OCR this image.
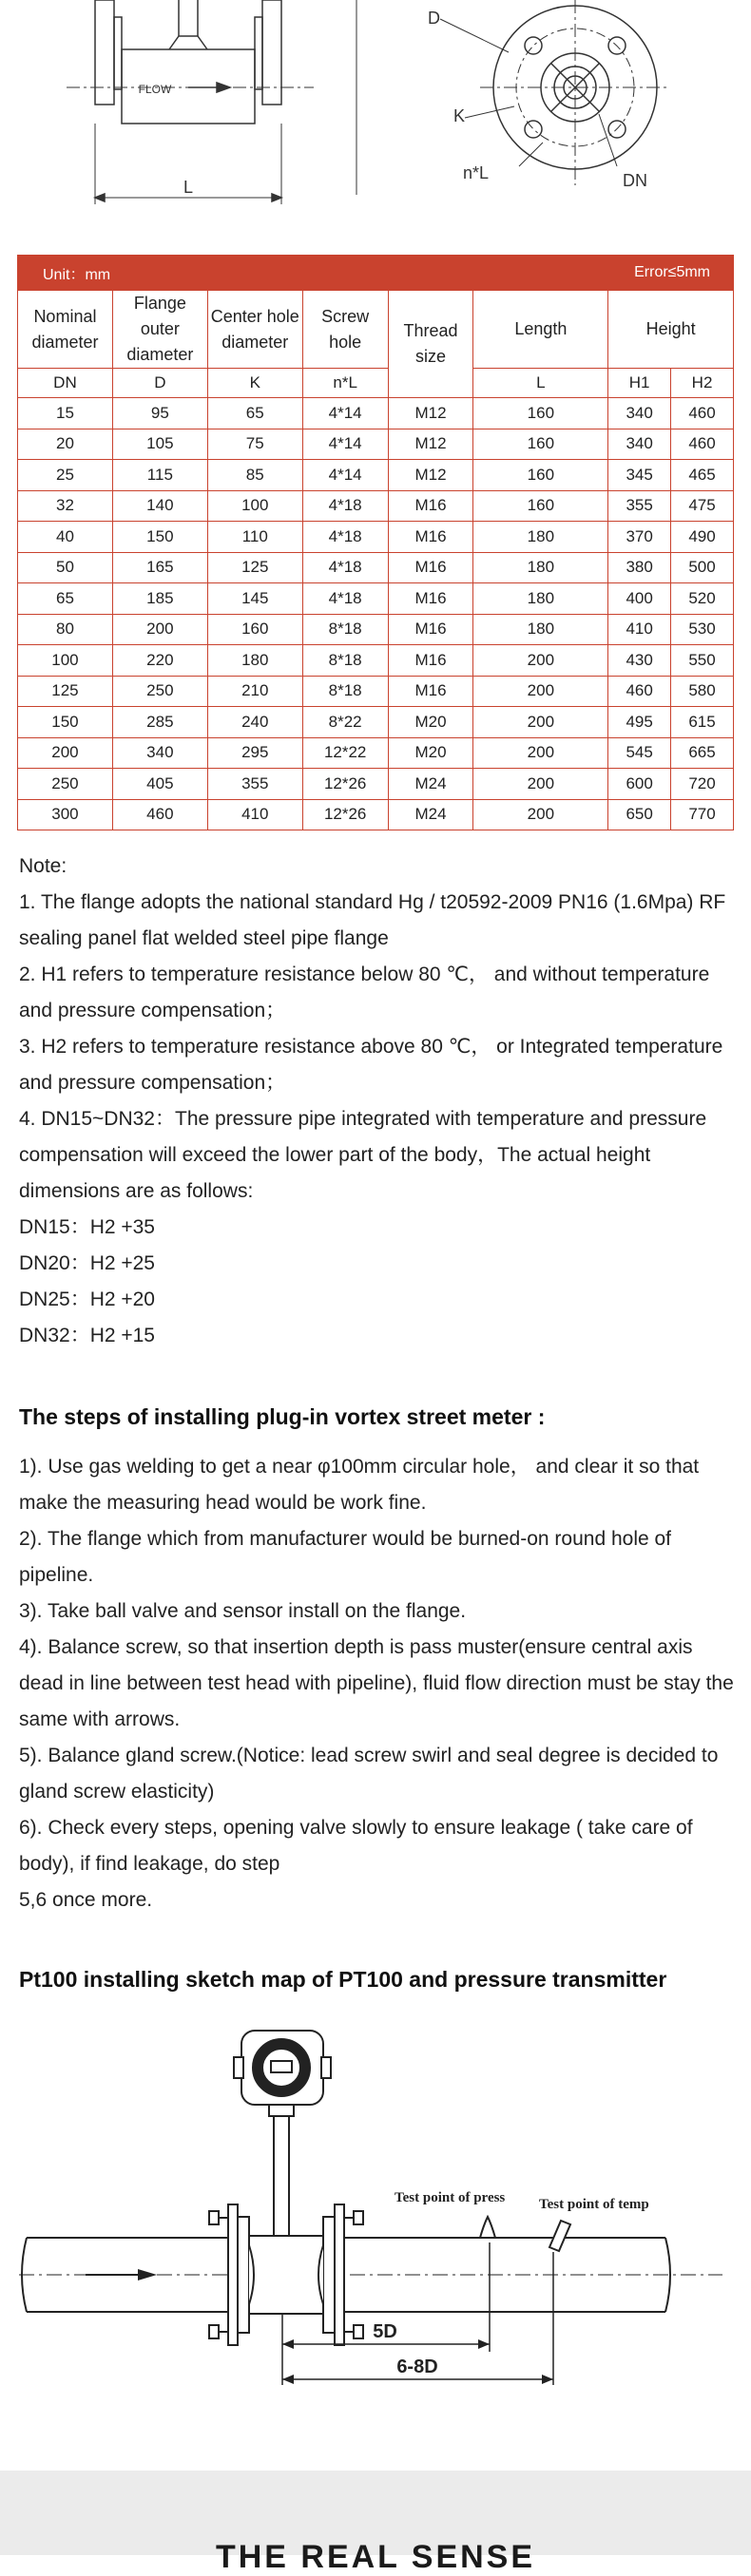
FLOW
L
D
K
n*L	DN
Unit：mm				Error≤5mm			
Nominal diameter	Flange outer diameter	Center hole diameter	Screw hole	Thread size	Length	Height	
DN	D	K	n*L		L	H1	H2
15	95	65	4*14	M12	160	340	460
20	105	75	4*14	M12	160	340	460
25	115	85	4*14	M12	160	345	465
32	140	100	4*18	M16	160	355	475
40	150	110	4*18	M16	180	370	490
50	165	125	4*18	M16	180	380	500
65	185	145	4*18	M16	180	400	520
80	200	160	8*18	M16	180	410	530
100	220	180	8*18	M16	200	430	550
125	250	210	8*18	M16	200	460	580
150	285	240	8*22	M20	200	495	615
200	340	295	12*22	M20	200	545	665
250	405	355	12*26	M24	200	600	720
300	460	410	12*26	M24	200	650	770

Note:

1. The flange adopts the national standard Hg / t20592-2009 PN16 (1.6Mpa) RF sealing panel flat welded steel pipe flange

2. H1 refers to temperature resistance below 80 ℃， and without temperature and pressure compensation；

3. H2 refers to temperature resistance above 80 ℃， or Integrated temperature and pressure compensation；

4. DN15~DN32：The pressure pipe integrated with temperature and pressure compensation will exceed the lower part of the body，The actual height dimensions are as follows:

DN15：H2 +35

DN20：H2 +25

DN25：H2 +20

DN32：H2 +15

The steps of installing plug-in vortex street meter :

1). Use gas welding to get a near φ100mm circular hole， and clear it so that make the measuring head would be work fine.

2). The flange which from manufacturer would be burned-on round hole of pipeline.

3). Take ball valve and sensor install on the flange.

4). Balance screw, so that insertion depth is pass muster(ensure central axis dead in line between test head with pipeline), fluid flow direction must be stay the same with arrows.

5). Balance gland screw.(Notice: lead screw swirl and seal degree is decided to gland screw elasticity)

6). Check every steps, opening valve slowly to ensure leakage ( take care of body), if find leakage, do step

5,6 once more.

Pt100 installing sketch map of PT100 and pressure transmitter
Test point of press Test point of temp
5D
6-8D
THE REAL SENSE
